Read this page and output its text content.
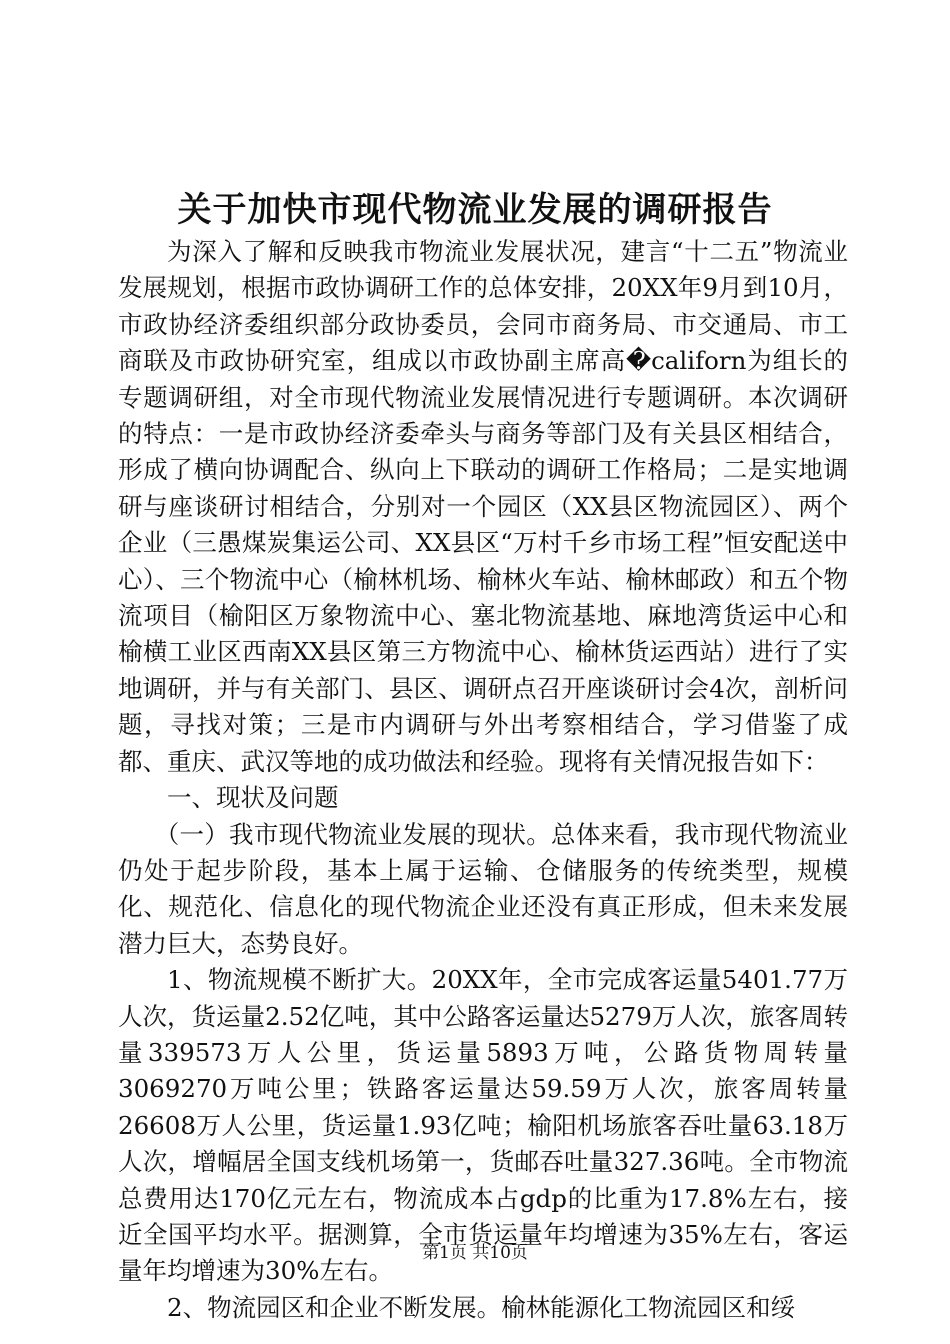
关于加快市现代物流业发展的调研报告

为深入了解和反映我市物流业发展状况，建言“十二五”物流业发展规划，根据市政协调研工作的总体安排，20XX年9月到10月，市政协经济委组织部分政协委员，会同市商务局、市交通局、市工商联及市政协研究室，组成以市政协副主席高�californ为组长的专题调研组，对全市现代物流业发展情况进行专题调研。本次调研的特点：一是市政协经济委牵头与商务等部门及有关县区相结合，形成了横向协调配合、纵向上下联动的调研工作格局；二是实地调研与座谈研讨相结合，分别对一个园区（XX县区物流园区）、两个企业（三愚煤炭集运公司、XX县区“万村千乡市场工程”恒安配送中心）、三个物流中心（榆林机场、榆林火车站、榆林邮政）和五个物流项目（榆阳区万象物流中心、塞北物流基地、麻地湾货运中心和榆横工业区西南XX县区第三方物流中心、榆林货运西站）进行了实地调研，并与有关部门、县区、调研点召开座谈研讨会4次，剖析问题，寻找对策；三是市内调研与外出考察相结合，学习借鉴了成都、重庆、武汉等地的成功做法和经验。现将有关情况报告如下：

一、现状及问题

（一）我市现代物流业发展的现状。总体来看，我市现代物流业仍处于起步阶段，基本上属于运输、仓储服务的传统类型，规模化、规范化、信息化的现代物流企业还没有真正形成，但未来发展潜力巨大，态势良好。

1、物流规模不断扩大。20XX年，全市完成客运量5401.77万人次，货运量2.52亿吨，其中公路客运量达5279万人次，旅客周转量339573万人公里，货运量5893万吨，公路货物周转量3069270万吨公里；铁路客运量达59.59万人次，旅客周转量26608万人公里，货运量1.93亿吨；榆阳机场旅客吞吐量63.18万人次，增幅居全国支线机场第一，货邮吞吐量327.36吨。全市物流总费用达170亿元左右，物流成本占gdp的比重为17.8%左右，接近全国平均水平。据测算，全市货运量年均增速为35%左右，客运量年均增速为30%左右。

2、物流园区和企业不断发展。榆林能源化工物流园区和绥

第1页 共10页
